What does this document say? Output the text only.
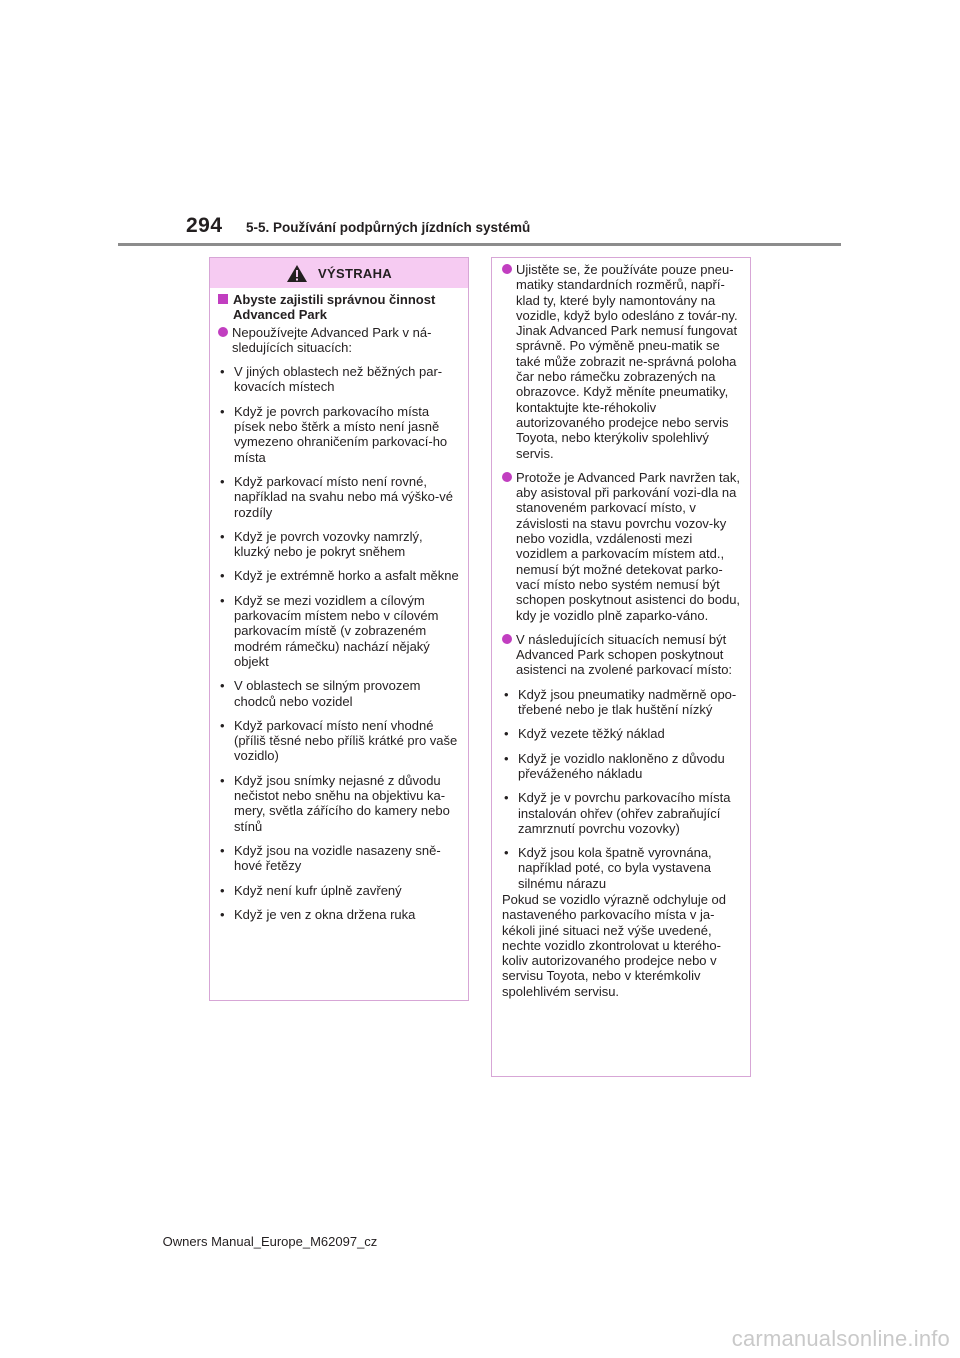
294 5-5. Používání podpůrných jízdních systémů
VÝSTRAHA
Abyste zajistili správnou činnost Advanced Park
Nepoužívejte Advanced Park v ná-sledujících situacích:
• V jiných oblastech než běžných par-kovacích místech
• Když je povrch parkovacího místa písek nebo štěrk a místo není jasně vymezeno ohraničením parkovací-ho místa
• Když parkovací místo není rovné, například na svahu nebo má výško-vé rozdíly
• Když je povrch vozovky namrzlý, kluzký nebo je pokryt sněhem
• Když je extrémně horko a asfalt měkne
• Když se mezi vozidlem a cílovým parkovacím místem nebo v cílovém parkovacím místě (v zobrazeném modrém rámečku) nachází nějaký objekt
• V oblastech se silným provozem chodců nebo vozidel
• Když parkovací místo není vhodné (příliš těsné nebo příliš krátké pro vaše vozidlo)
• Když jsou snímky nejasné z důvodu nečistot nebo sněhu na objektivu ka-mery, světla zářícího do kamery nebo stínů
• Když jsou na vozidle nasazeny sně-hové řetězy
• Když není kufr úplně zavřený
• Když je ven z okna držena ruka
Ujistěte se, že používáte pouze pneu-matiky standardních rozměrů, napří-klad ty, které byly namontovány na vozidle, když bylo odesláno z továr-ny. Jinak Advanced Park nemusí fungovat správně. Po výměně pneu-matik se také může zobrazit ne-správná poloha čar nebo rámečku zobrazených na obrazovce. Když měníte pneumatiky, kontaktujte kte-réhokoliv autorizovaného prodejce nebo servis Toyota, nebo kterýkoliv spolehlivý servis.
Protože je Advanced Park navržen tak, aby asistoval při parkování vozi-dla na stanoveném parkovací místo, v závislosti na stavu povrchu vozov-ky nebo vozidla, vzdálenosti mezi vozidlem a parkovacím místem atd., nemusí být možné detekovat parko-vací místo nebo systém nemusí být schopen poskytnout asistenci do bodu, kdy je vozidlo plně zaparko-váno.
V následujících situacích nemusí být Advanced Park schopen poskytnout asistenci na zvolené parkovací místo:
• Když jsou pneumatiky nadměrně opo-třebené nebo je tlak huštění nízký
• Když vezete těžký náklad
• Když je vozidlo nakloněno z důvodu převáženého nákladu
• Když je v povrchu parkovacího místa instalován ohřev (ohřev zabraňující zamrznutí povrchu vozovky)
• Když jsou kola špatně vyrovnána, například poté, co byla vystavena silnému nárazu
Pokud se vozidlo výrazně odchyluje od nastaveného parkovacího místa v ja-kékoli jiné situaci než výše uvedené, nechte vozidlo zkontrolovat u kterého-koliv autorizovaného prodejce nebo v servisu Toyota, nebo v kterémkoliv spolehlivém servisu.
Owners Manual_Europe_M62097_cz
carmanualsonline.info
